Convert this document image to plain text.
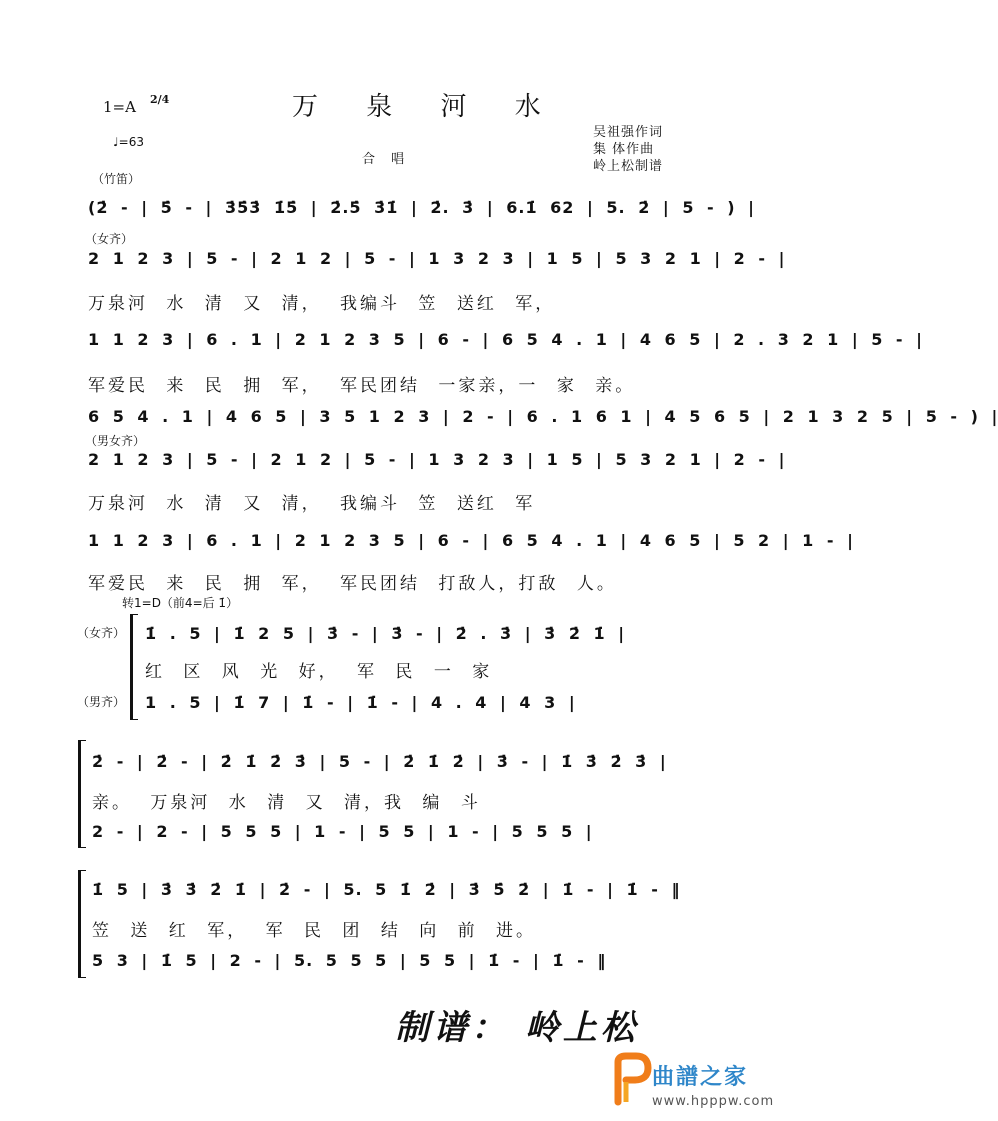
1=A 2/4
♩=63
万 泉 河 水
合 唱
吴祖强作词
集 体作曲
岭上松制谱
（竹笛）
(2̇ - | 5̇ - | 3̇5̇3̇ 1̇5̇ | 2̇.5̇ 3̇1̇ | 2̇. 3̇ | 6.1̇ 62 | 5. 2̇ | 5 - ) |
（女齐）
2 1 2 3 | 5 - | 2 1 2 | 5 - | 1 3 2 3 | 1 5 | 5 3 2 1 | 2 - |
万泉河 水 清 又 清， 我编斗 笠 送红 军，
1 1 2 3 | 6 . 1 | 2 1 2 3 5 | 6 - | 6 5 4 . 1 | 4 6 5 | 2 . 3 2 1 | 5 - |
军爱民 来 民 拥 军， 军民团结 一家亲，一 家 亲。
6 5 4 . 1 | 4 6 5 | 3 5 1 2 3 | 2 - | 6 . 1 6 1 | 4 5 6 5 | 2 1 3 2 5 | 5 - ) |
（男女齐）
2 1 2 3 | 5 - | 2 1 2 | 5 - | 1 3 2 3 | 1 5 | 5 3 2 1 | 2 - |
万泉河 水 清 又 清， 我编斗 笠 送红 军
1 1 2 3 | 6 . 1 | 2 1 2 3 5 | 6 - | 6 5 4 . 1 | 4 6 5 | 5 2 | 1 - |
军爱民 来 民 拥 军， 军民团结 打敌人，打敌 人。
转1=D（前4=后 1̇）
（女齐）
（男齐）
1̇ . 5 | 1̇ 2 5 | 3̇ - | 3̇ - | 2̇ . 3̇ | 3̇ 2̇ 1̇ |
红 区 风 光 好， 军 民 一 家
1 . 5 | 1̇ 7 | 1̇ - | 1̇ - | 4 . 4 | 4 3 |
2̇ - | 2̇ - | 2̇ 1̇ 2̇ 3̇ | 5 - | 2̇ 1̇ 2̇ | 3̇ - | 1̇ 3̇ 2̇ 3̇ |
亲。 万泉河 水 清 又 清，我 编 斗
2 - | 2 - | 5 5 5 | 1 - | 5 5 | 1 - | 5 5 5 |
1̇ 5 | 3̇ 3̇ 2̇ 1̇ | 2̇ - | 5. 5 1̇ 2̇ | 3̇ 5̇ 2̇ | 1̇ - | 1̇ - ‖
笠 送 红 军， 军 民 团 结 向 前 进。
5 3 | 1̇ 5 | 2 - | 5. 5 5 5 | 5 5 | 1̇ - | 1̇ - ‖
制谱： 岭上松
曲譜之家
www.hpppw.com
